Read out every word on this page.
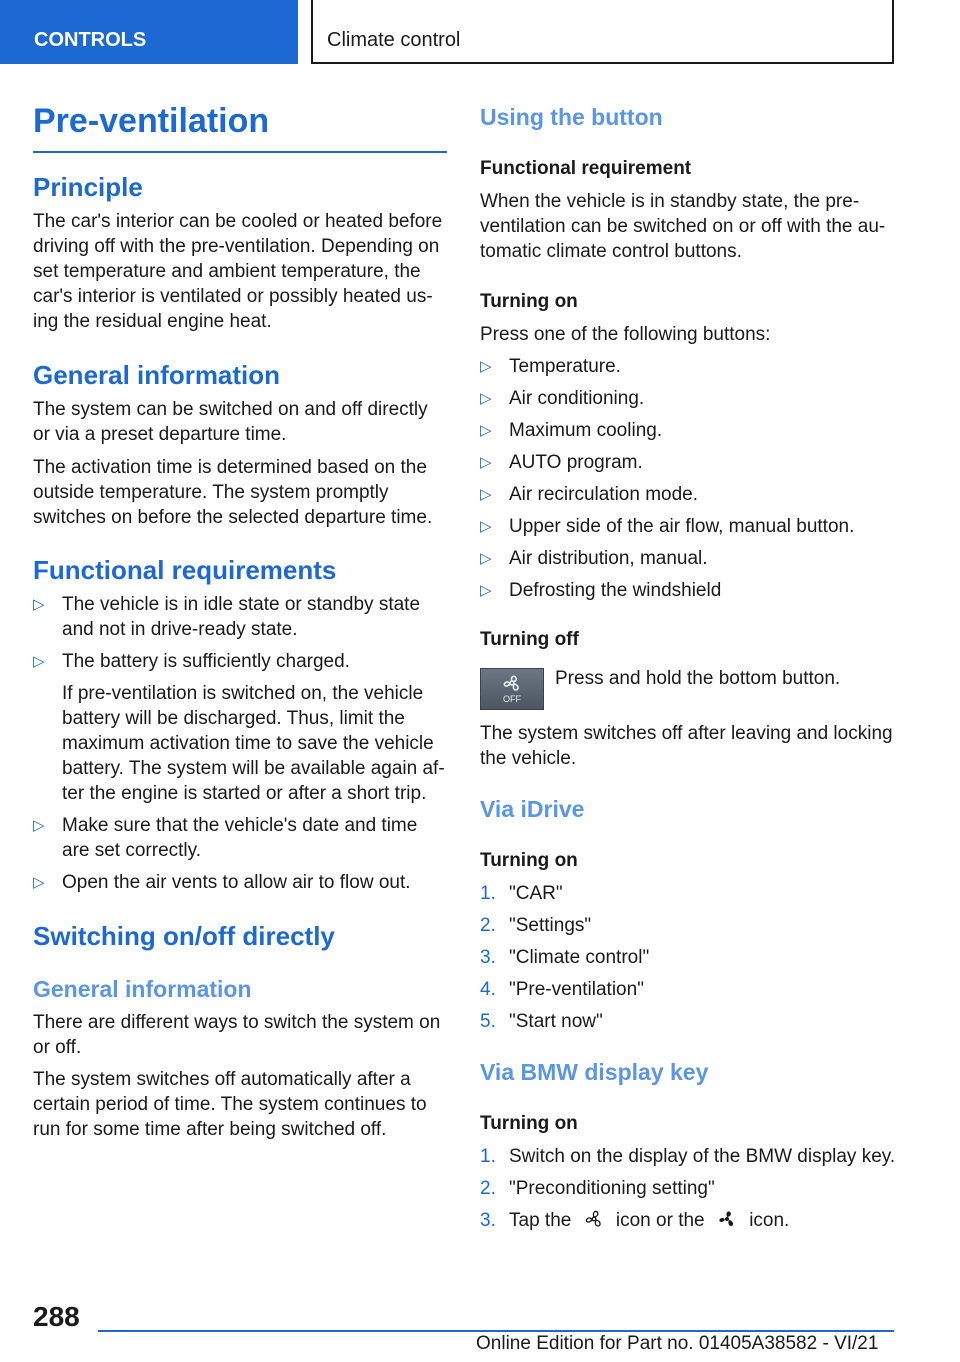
CONTROLS	Climate control
Pre-ventilation
Principle

The car's interior can be cooled or heated before driving off with the pre-ventilation. Depending on set temperature and ambient temperature, the car's interior is ventilated or possibly heated using the residual engine heat.

General information

The system can be switched on and off directly or via a preset departure time.

The activation time is determined based on the outside temperature. The system promptly switches on before the selected departure time.

Functional requirements
▷ The vehicle is in idle state or standby state and not in drive-ready state.
▷ The battery is sufficiently charged.

If pre-ventilation is switched on, the vehicle battery will be discharged. Thus, limit the maximum activation time to save the vehicle battery. The system will be available again after the engine is started or after a short trip.

▷ Make sure that the vehicle's date and time are set correctly.
▷ Open the air vents to allow air to flow out.
Switching on/off directly
General information

There are different ways to switch the system on or off.

The system switches off automatically after a certain period of time. The system continues to run for some time after being switched off.

Using the button
Functional requirement

When the vehicle is in standby state, the pre-ventilation can be switched on or off with the automatic climate control buttons.

Turning on

Press one of the following buttons:

▷ Temperature.
▷ Air conditioning.
▷ Maximum cooling.
▷ AUTO program.
▷ Air recirculation mode.
▷ Upper side of the air flow, manual button.
▷ Air distribution, manual.
▷ Defrosting the windshield
Turning off
OFF

Press and hold the bottom button.

The system switches off after leaving and locking the vehicle.

Via iDrive
Turning on
1. "CAR"
2. "Settings"
3. "Climate control"
4. "Pre-ventilation"
5. "Start now"
Via BMW display key
Turning on
1. Switch on the display of the BMW display key.
2. "Preconditioning setting"
3. Tap the icon or the icon.
288
Online Edition for Part no. 01405A38582 - VI/21
